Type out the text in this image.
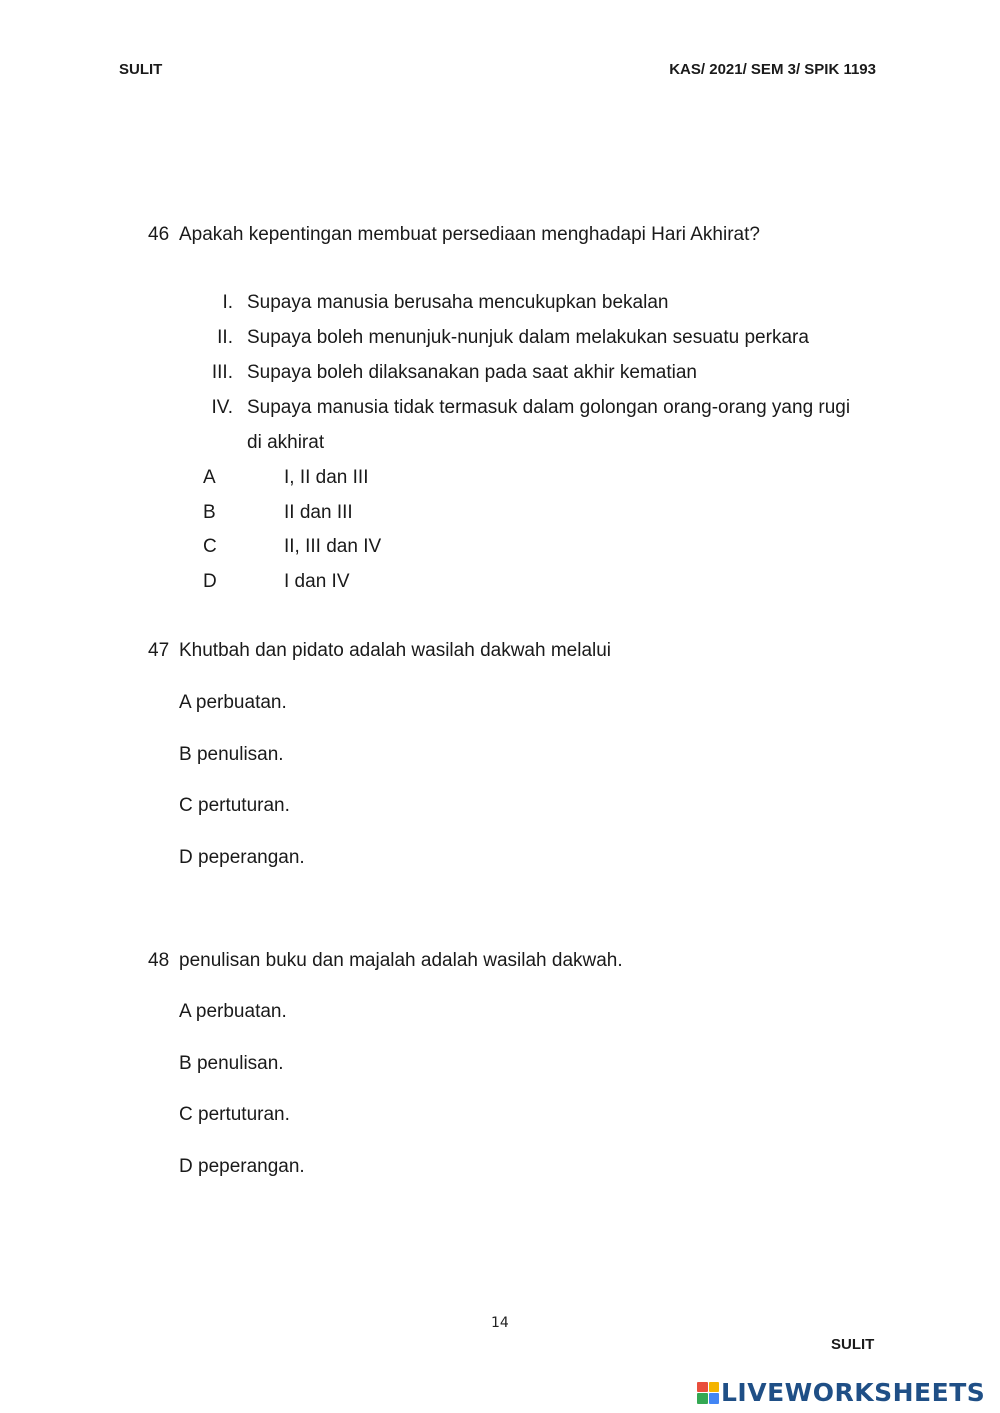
SULIT	KAS/ 2021/ SEM 3/ SPIK 1193
46 Apakah kepentingan membuat persediaan menghadapi Hari Akhirat?
I. Supaya manusia berusaha mencukupkan bekalan
II. Supaya boleh menunjuk-nunjuk dalam melakukan sesuatu perkara
III. Supaya boleh dilaksanakan pada saat akhir kematian
IV. Supaya manusia tidak termasuk dalam golongan orang-orang yang rugi
di akhirat
A	I, II dan III
B	II dan III
C	II, III dan IV
D	I dan IV
47 Khutbah dan pidato adalah wasilah dakwah melalui
A perbuatan.
B penulisan.
C pertuturan.
D peperangan.
48 penulisan buku dan majalah adalah wasilah dakwah.
A perbuatan.
B penulisan.
C pertuturan.
D peperangan.
14
SULIT
LIVEWORKSHEETS
